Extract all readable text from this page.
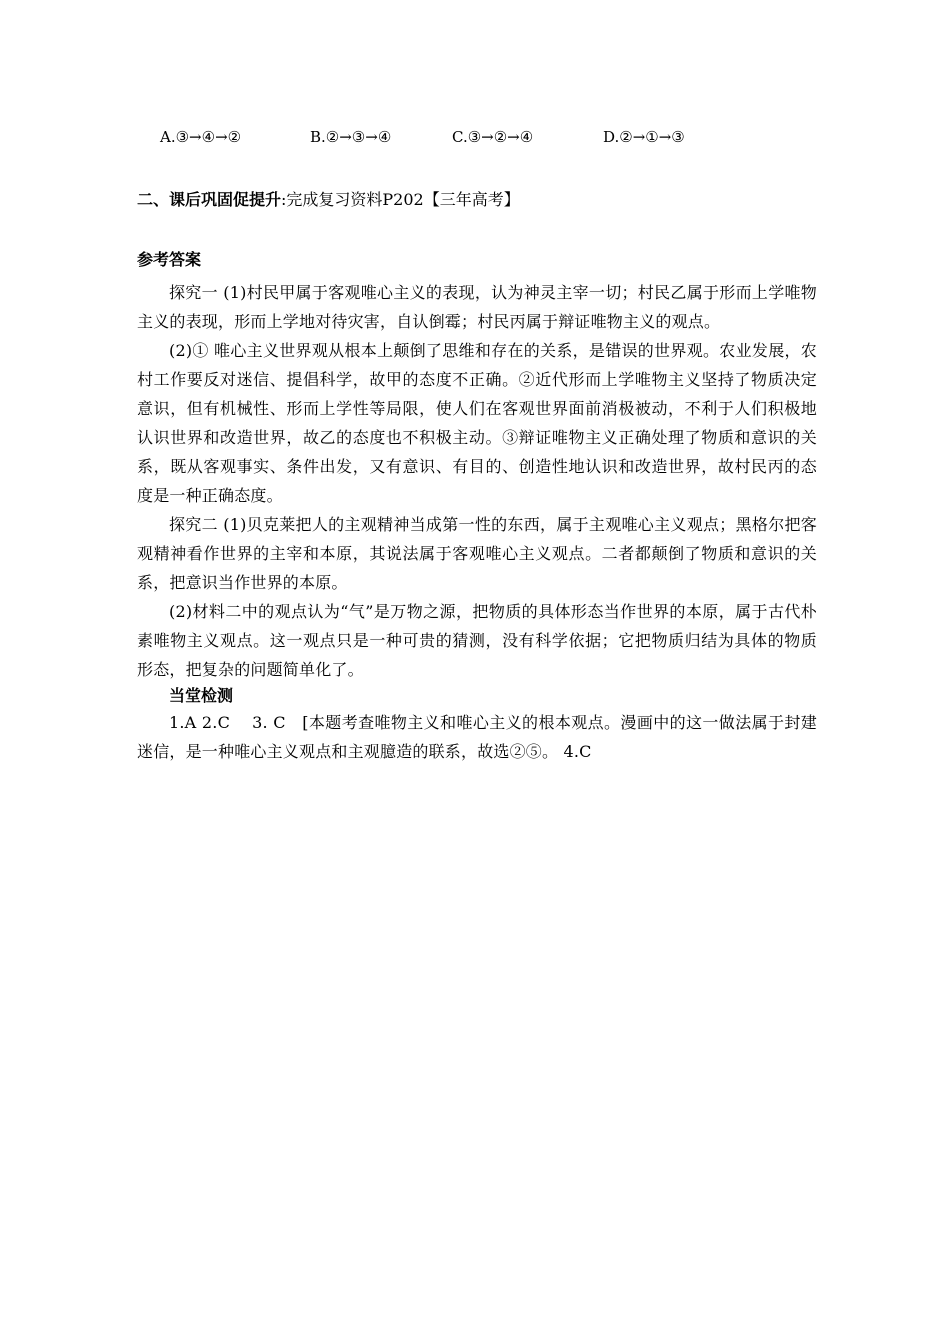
A.③→④→②	B.②→③→④	C.③→②→④	D.②→①→③
二、课后巩固促提升:完成复习资料P202【三年高考】

参考答案

探究一 (1)村民甲属于客观唯心主义的表现，认为神灵主宰一切；村民乙属于形而上学唯物主义的表现，形而上学地对待灾害，自认倒霉；村民丙属于辩证唯物主义的观点。

(2)① 唯心主义世界观从根本上颠倒了思维和存在的关系，是错误的世界观。农业发展，农村工作要反对迷信、提倡科学，故甲的态度不正确。②近代形而上学唯物主义坚持了物质决定意识，但有机械性、形而上学性等局限，使人们在客观世界面前消极被动，不利于人们积极地认识世界和改造世界，故乙的态度也不积极主动。③辩证唯物主义正确处理了物质和意识的关系，既从客观事实、条件出发，又有意识、有目的、创造性地认识和改造世界，故村民丙的态度是一种正确态度。

探究二 (1)贝克莱把人的主观精神当成第一性的东西，属于主观唯心主义观点；黑格尔把客观精神看作世界的主宰和本原，其说法属于客观唯心主义观点。二者都颠倒了物质和意识的关系，把意识当作世界的本原。

(2)材料二中的观点认为“气”是万物之源，把物质的具体形态当作世界的本原，属于古代朴素唯物主义观点。这一观点只是一种可贵的猜测，没有科学依据；它把物质归结为具体的物质形态，把复杂的问题简单化了。

当堂检测

1.A 2.C　 3. C　[本题考查唯物主义和唯心主义的根本观点。漫画中的这一做法属于封建迷信，是一种唯心主义观点和主观臆造的联系，故选②⑤。 4.C
